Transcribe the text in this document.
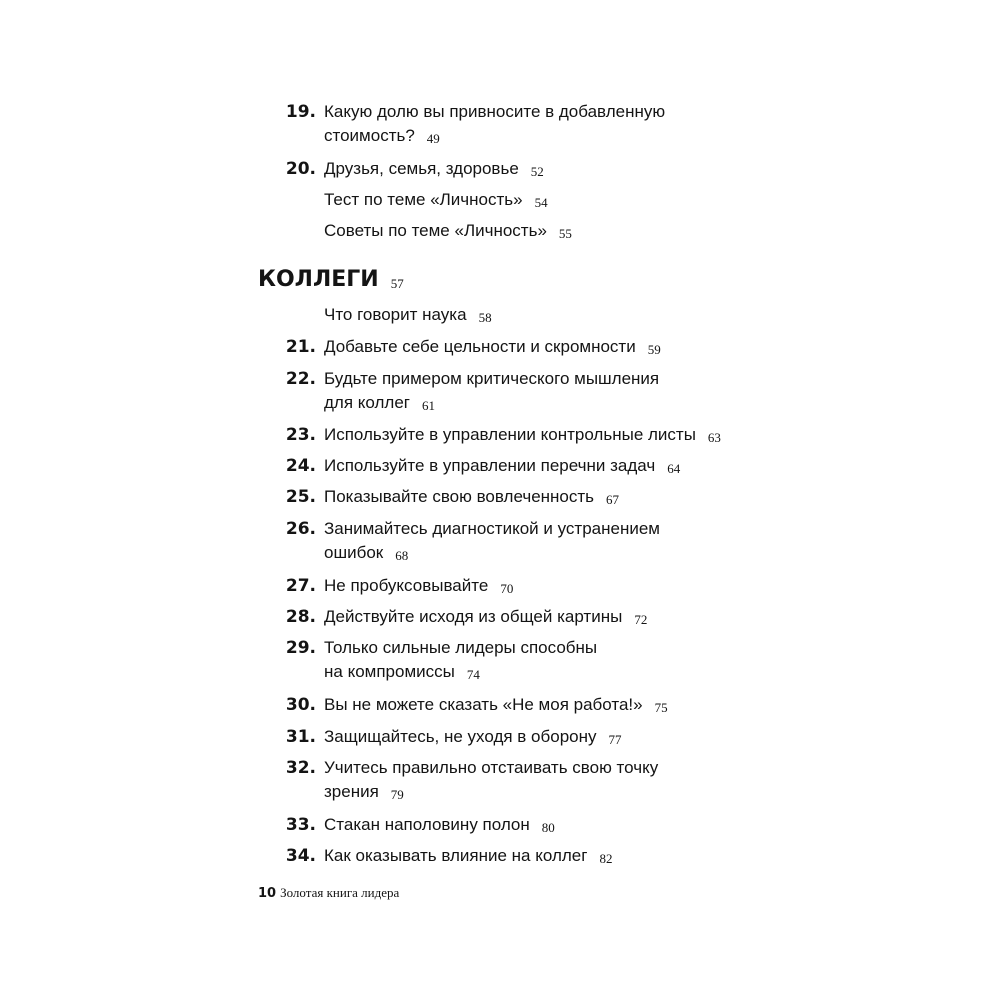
19. Какую долю вы привносите в добавленную
стоимость? 49
20. Друзья, семья, здоровье 52
Тест по теме «Личность» 54
Советы по теме «Личность» 55
КОЛЛЕГИ 57
Что говорит наука 58
21. Добавьте себе цельности и скромности 59
22. Будьте примером критического мышления
для коллег 61
23. Используйте в управлении контрольные листы 63
24. Используйте в управлении перечни задач 64
25. Показывайте свою вовлеченность 67
26. Занимайтесь диагностикой и устранением
ошибок 68
27. Не пробуксовывайте 70
28. Действуйте исходя из общей картины 72
29. Только сильные лидеры способны
на компромиссы 74
30. Вы не можете сказать «Не моя работа!» 75
31. Защищайтесь, не уходя в оборону 77
32. Учитесь правильно отстаивать свою точку
зрения 79
33. Стакан наполовину полон 80
34. Как оказывать влияние на коллег 82
10 Золотая книга лидера
